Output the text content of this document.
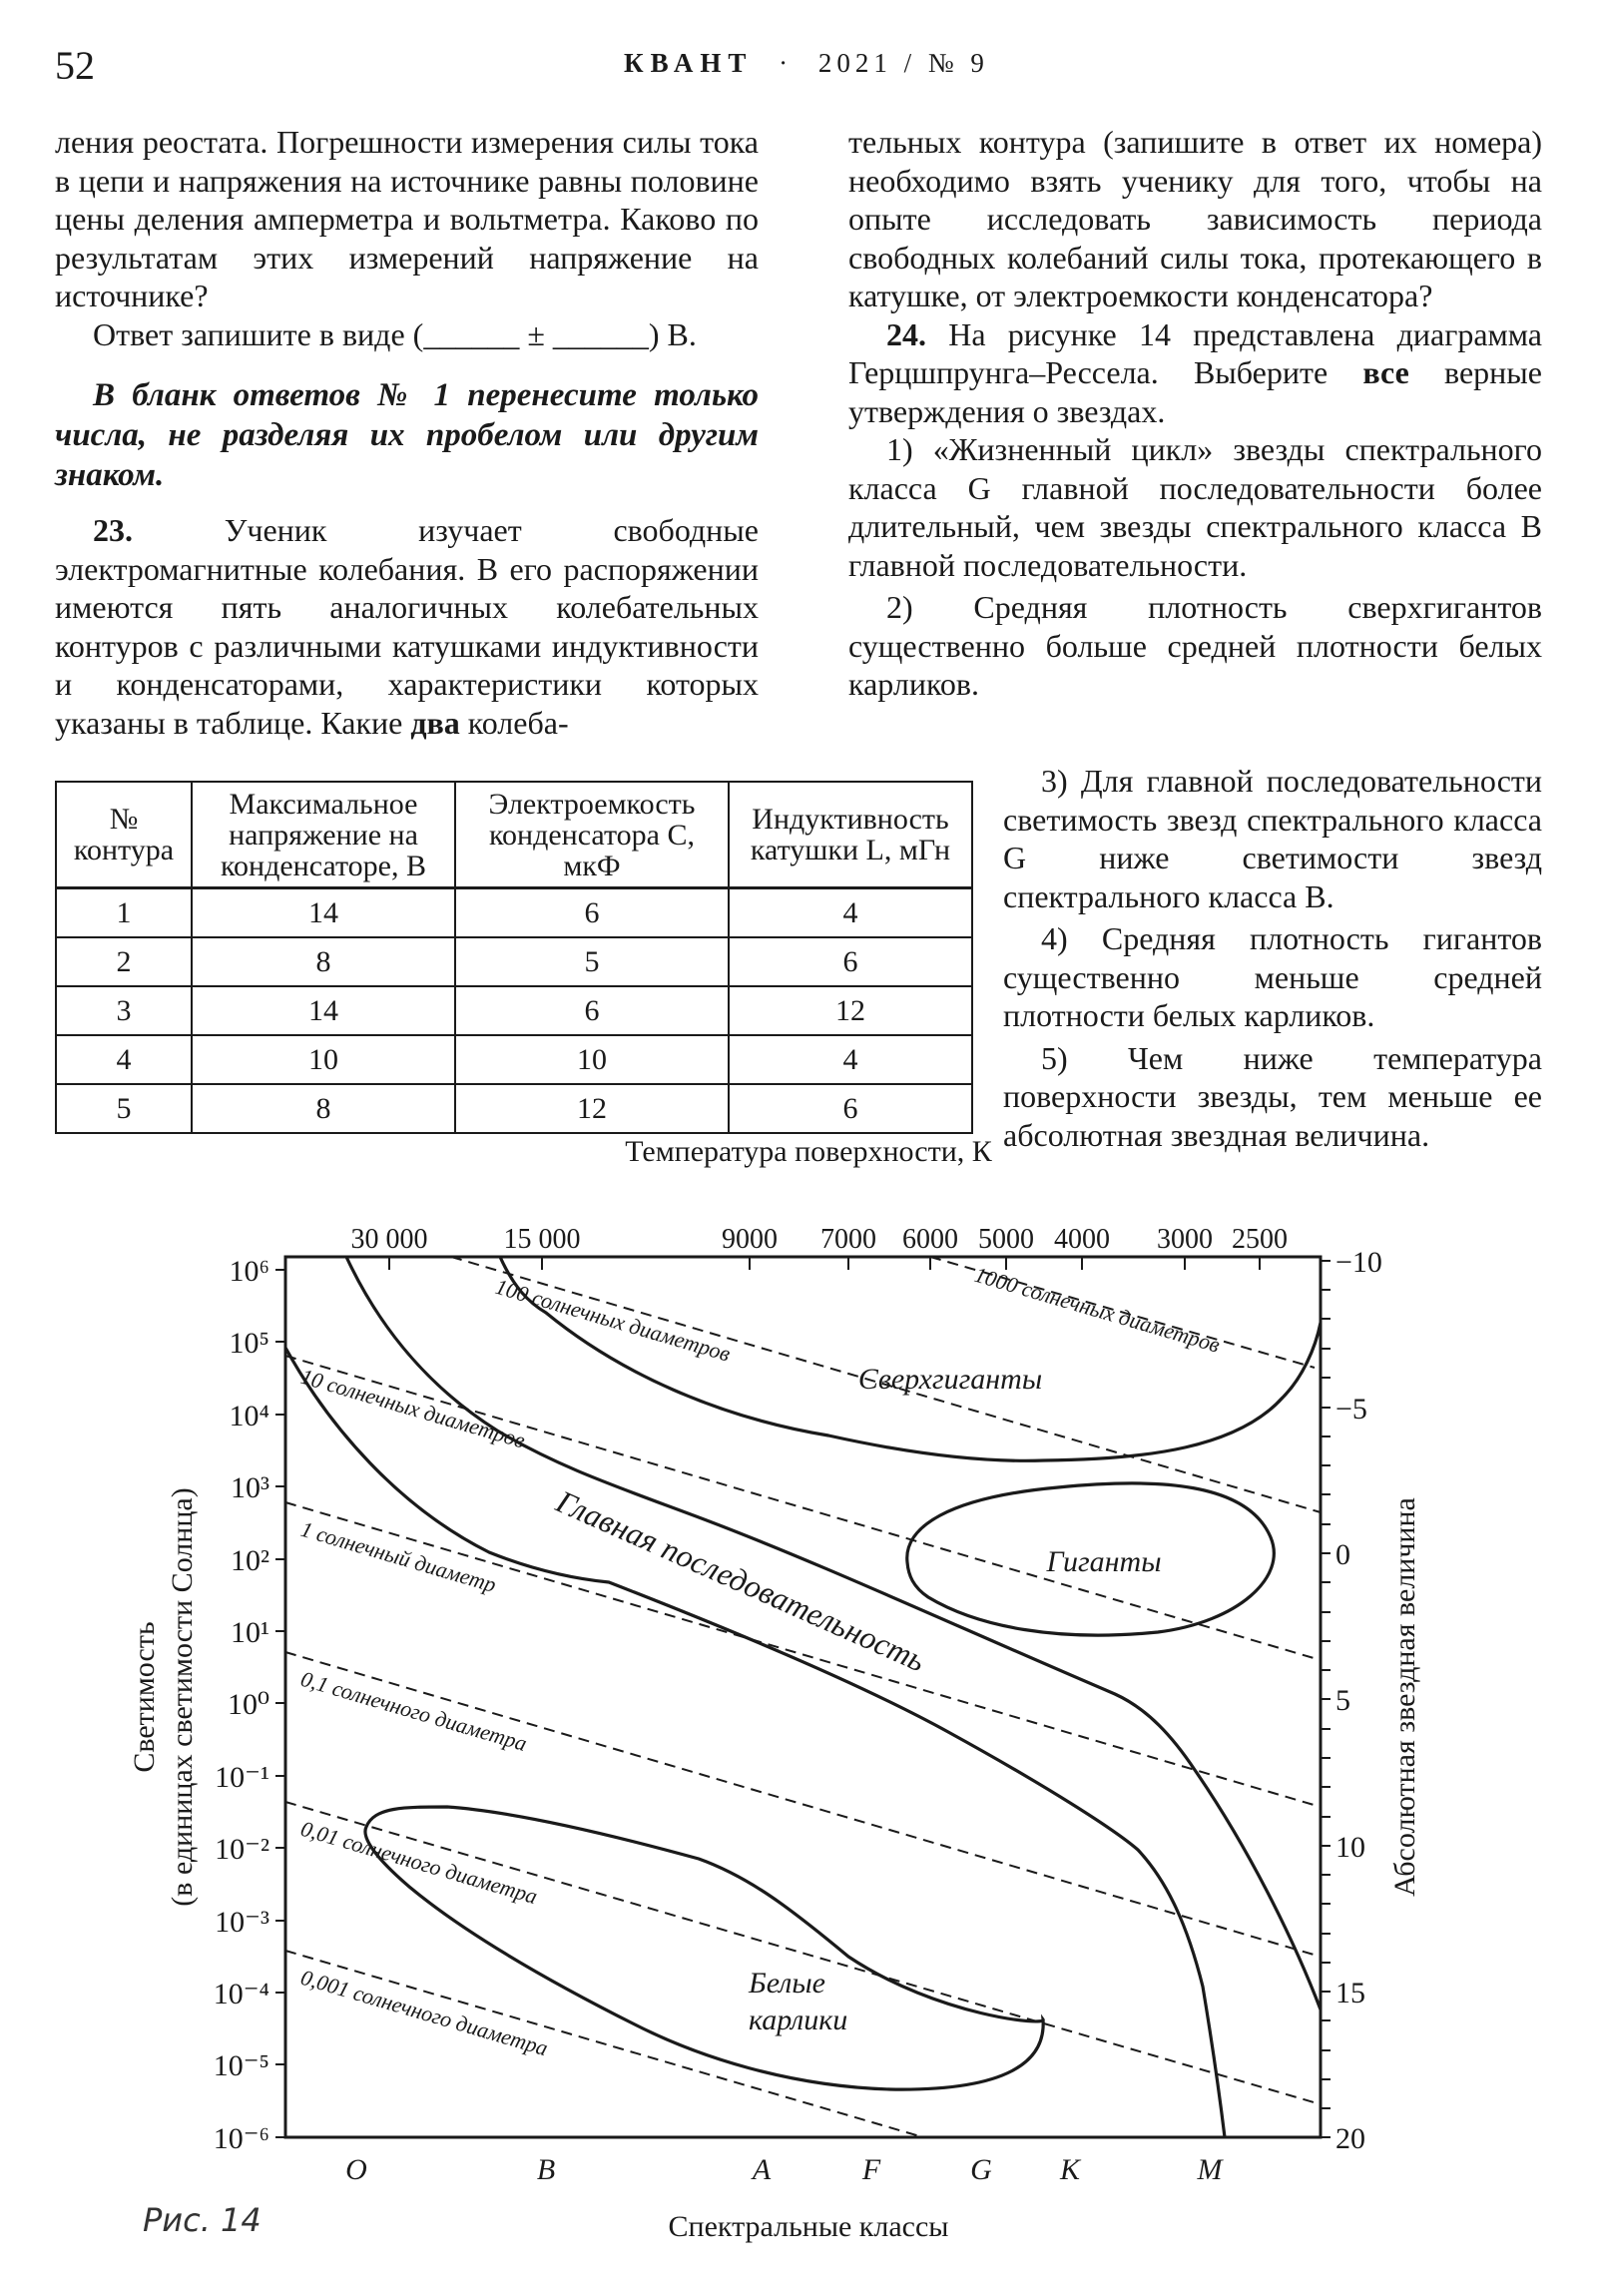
52	КВАНТ · 2021 / № 9

ления реостата. Погрешности измерения силы тока в цепи и напряжения на источнике равны половине цены деления амперметра и вольтметра. Каково по результатам этих измерений напряжение на источнике?

Ответ запишите в виде (______ ± ______) В.

В бланк ответов № 1 перенесите только числа, не разделяя их пробелом или другим знаком.

23.	Ученик изучает свободные электромагнитные колебания. В его распоряжении имеются пять аналогичных колебательных контуров с различными катушками индуктивности и конденсаторами, характеристики которых указаны в таблице. Какие два колеба-

тельных контура (запишите в ответ их номера) необходимо взять ученику для того, чтобы на опыте исследовать зависимость периода свободных колебаний силы тока, протекающего в катушке, от электроемкости конденсатора?

24. На рисунке 14 представлена диаграмма Герцшпрунга–Рессела. Выберите все верные утверждения о звездах.

1) «Жизненный цикл» звезды спектрального класса G главной последовательности более длительный, чем звезды спектрального класса B главной последовательности.

2) Средняя плотность сверхгигантов существенно больше средней плотности белых карликов.

3) Для главной последовательности светимость звезд спектрального класса G ниже светимости звезд спектрального класса B.

4) Средняя плотность гигантов существенно меньше средней плотности белых карликов.

5) Чем ниже температура поверхности звезды, тем меньше ее абсолютная звездная величина.

№ контура	Максимальное напряжение на конденсаторе, В	Электроемкость конденсатора C, мкФ	Индуктивность катушки L, мГн
1	14	6	4
2	8	5	6
3	14	6	12
4	10	10	4
5	8	12	6
Температура поверхности, К
Спектральные классы
Светимость (в единицах светимости Солнца)	Абсолютная звездная величина
30 000	15 000	9000 7000 6000 5000 4000 3000 2500
10⁶
10⁵
10⁴
10³
10²
10¹
10⁰
10⁻¹
10⁻²
10⁻³
10⁻⁴
10⁻⁵
10⁻⁶
−10
−5
0
5
10
15
20
O	B	A	F	G K	M
1000 солнечных диаметров
100 солнечных диаметров
10 солнечных диаметров
1 солнечный диаметр
0,1 солнечного диаметра
0,01 солнечного диаметра
0,001 солнечного диаметра
Сверхгиганты
Гиганты
Главная последовательность
Белые
карлики
Рис. 14
